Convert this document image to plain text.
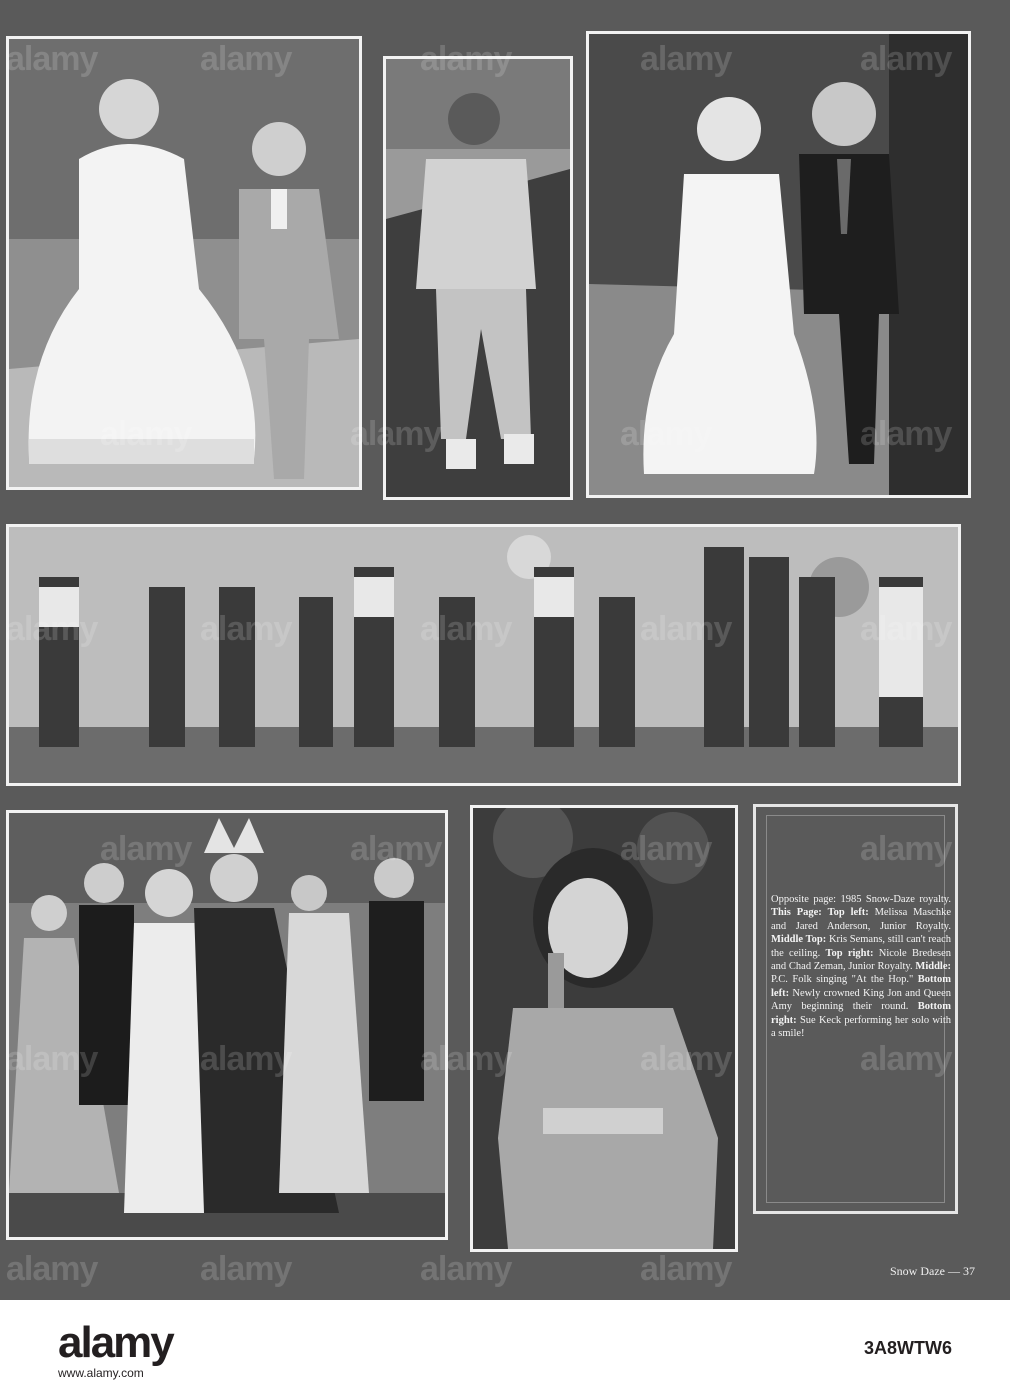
Opposite page: 1985 Snow-Daze royalty. This Page: Top left: Melissa Maschke and Jared Anderson, Junior Royalty. Middle Top: Kris Semans, still can't reach the ceiling. Top right: Nicole Bredesen and Chad Zeman, Junior Royalty. Middle: P.C. Folk singing "At the Hop." Bottom left: Newly crowned King Jon and Queen Amy beginning their round. Bottom right: Sue Keck performing her solo with a smile!
Snow Daze — 37
alamy	alamy	alamy	alamy	alamy
alamy	alamy	alamy	alamy
alamy	alamy	alamy	alamy	alamy
alamy	alamy	alamy	alamy
alamy	alamy	alamy	alamy	alamy
alamy	alamy	alamy	alamy
alamy
www.alamy.com
3A8WTW6
